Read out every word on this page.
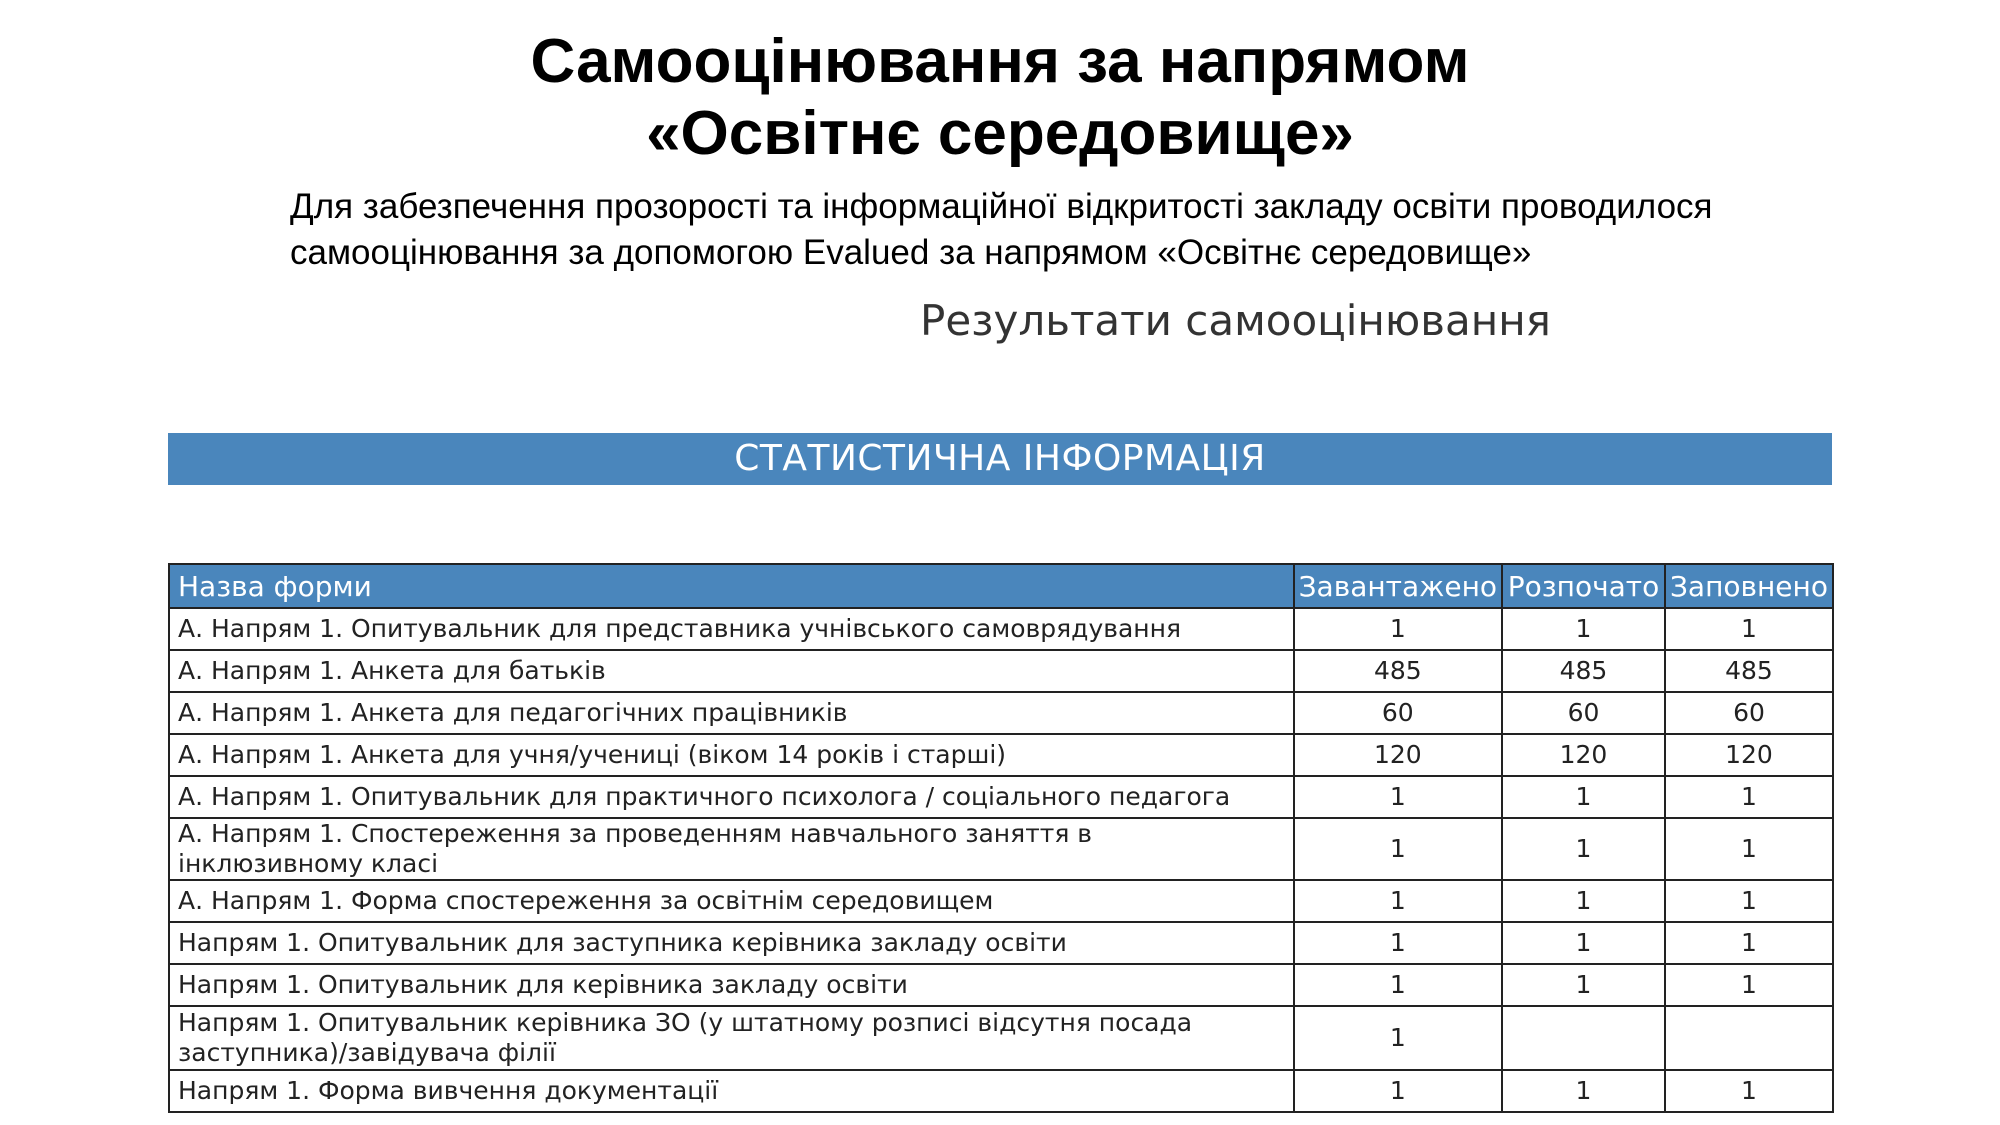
Самооцінювання за напрямом
«Освітнє середовище»

Для забезпечення прозорості та інформаційної відкритості закладу освіти проводилося
самооцінювання за допомогою Evalued за напрямом «Освітнє середовище»

Результати самооцінювання
СТАТИСТИЧНА ІНФОРМАЦІЯ
Назва форми	Завантажено	Розпочато	Заповнено
А. Напрям 1. Опитувальник для представника учнівського самоврядування	1	1	1
А. Напрям 1. Анкета для батьків	485	485	485
А. Напрям 1. Анкета для педагогічних працівників	60	60	60
А. Напрям 1. Анкета для учня/учениці (віком 14 років і старші)	120	120	120
А. Напрям 1. Опитувальник для практичного психолога / соціального педагога	1	1	1
А. Напрям 1. Спостереження за проведенням навчального заняття в інклюзивному класі	1	1	1
А. Напрям 1. Форма спостереження за освітнім середовищем	1	1	1
Напрям 1. Опитувальник для заступника керівника закладу освіти	1	1	1
Напрям 1. Опитувальник для керівника закладу освіти	1	1	1

Напрям 1. Опитувальник керівника ЗО (у штатному розписі відсутня посада
заступника)/завідувача філії	1		
Напрям 1. Форма вивчення документації	1	1	1
